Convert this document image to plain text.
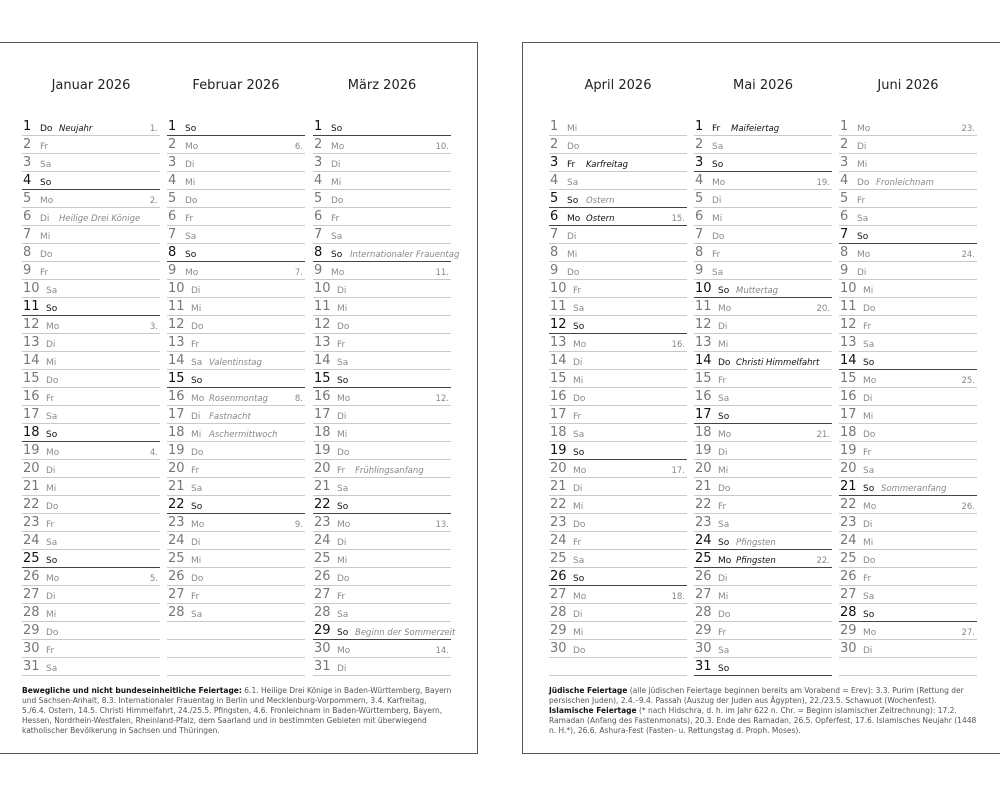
Januar 2026
1 Do Neujahr	1.
2 Fr
3 Sa
4 So
5 Mo	2.
6 Di Heilige Drei Könige
7 Mi
8 Do
9 Fr
10 Sa
11 So
12 Mo	3.
13 Di
14 Mi
15 Do
16 Fr
17 Sa
18 So
19 Mo	4.
20 Di
21 Mi
22 Do
23 Fr
24 Sa
25 So
26 Mo	5.
27 Di
28 Mi
29 Do
30 Fr
31 Sa
Februar 2026
1 So
2 Mo	6.
3 Di
4 Mi
5 Do
6 Fr
7 Sa
8 So
9 Mo	7.
10 Di
11 Mi
12 Do
13 Fr
14 Sa Valentinstag
15 So
16 Mo Rosenmontag	8.
17 Di Fastnacht
18 Mi Aschermittwoch
19 Do
20 Fr
21 Sa
22 So
23 Mo	9.
24 Di
25 Mi
26 Do
27 Fr
28 Sa
März 2026
1 So
2 Mo	10.
3 Di
4 Mi
5 Do
6 Fr
7 Sa
8 So Internationaler Frauentag
9 Mo	11.
10 Di
11 Mi
12 Do
13 Fr
14 Sa
15 So
16 Mo	12.
17 Di
18 Mi
19 Do
20 Fr Frühlingsanfang
21 Sa
22 So
23 Mo	13.
24 Di
25 Mi
26 Do
27 Fr
28 Sa
29 So Beginn der Sommerzeit
30 Mo	14.
31 Di
April 2026
1 Mi
2 Do
3 Fr Karfreitag
4 Sa
5 So Ostern
6 Mo Ostern	15.
7 Di
8 Mi
9 Do
10 Fr
11 Sa
12 So
13 Mo	16.
14 Di
15 Mi
16 Do
17 Fr
18 Sa
19 So
20 Mo	17.
21 Di
22 Mi
23 Do
24 Fr
25 Sa
26 So
27 Mo	18.
28 Di
29 Mi
30 Do
Mai 2026
1 Fr Maifeiertag
2 Sa
3 So
4 Mo	19.
5 Di
6 Mi
7 Do
8 Fr
9 Sa
10 So Muttertag
11 Mo	20.
12 Di
13 Mi
14 Do Christi Himmelfahrt
15 Fr
16 Sa
17 So
18 Mo	21.
19 Di
20 Mi
21 Do
22 Fr
23 Sa
24 So Pfingsten
25 Mo Pfingsten	22.
26 Di
27 Mi
28 Do
29 Fr
30 Sa
31 So
Juni 2026
1 Mo	23.
2 Di
3 Mi
4 Do Fronleichnam
5 Fr
6 Sa
7 So
8 Mo	24.
9 Di
10 Mi
11 Do
12 Fr
13 Sa
14 So
15 Mo	25.
16 Di
17 Mi
18 Do
19 Fr
20 Sa
21 So Sommeranfang
22 Mo	26.
23 Di
24 Mi
25 Do
26 Fr
27 Sa
28 So
29 Mo	27.
30 Di
Bewegliche und nicht bundeseinheitliche Feiertage: 6.1. Heilige Drei Könige in Baden-Württemberg, Bayern und Sachsen-Anhalt, 8.3. Internationaler Frauentag in Berlin und Mecklenburg-Vorpommern, 3.4. Karfreitag, 5./6.4. Ostern, 14.5. Christi Himmelfahrt, 24./25.5. Pfingsten, 4.6. Fronleichnam in Baden-Württemberg, Bayern, Hessen, Nordrhein-Westfalen, Rheinland-Pfalz, dem Saarland und in bestimmten Gebieten mit überwiegend katholischer Bevölkerung in Sachsen und Thüringen.
Jüdische Feiertage (alle jüdischen Feiertage beginnen bereits am Vorabend = Erev): 3.3. Purim (Rettung der persischen Juden), 2.4.–9.4. Passah (Auszug der Juden aus Ägypten), 22./23.5. Schawuot (Wochenfest).
Islamische Feiertage (* nach Hidschra, d. h. im Jahr 622 n. Chr. = Beginn islamischer Zeitrechnung): 17.2. Ramadan (Anfang des Fastenmonats), 20.3. Ende des Ramadan, 26.5. Opferfest, 17.6. Islamisches Neujahr (1448 n. H.*), 26.6. Ashura-Fest (Fasten- u. Rettungstag d. Proph. Moses).
